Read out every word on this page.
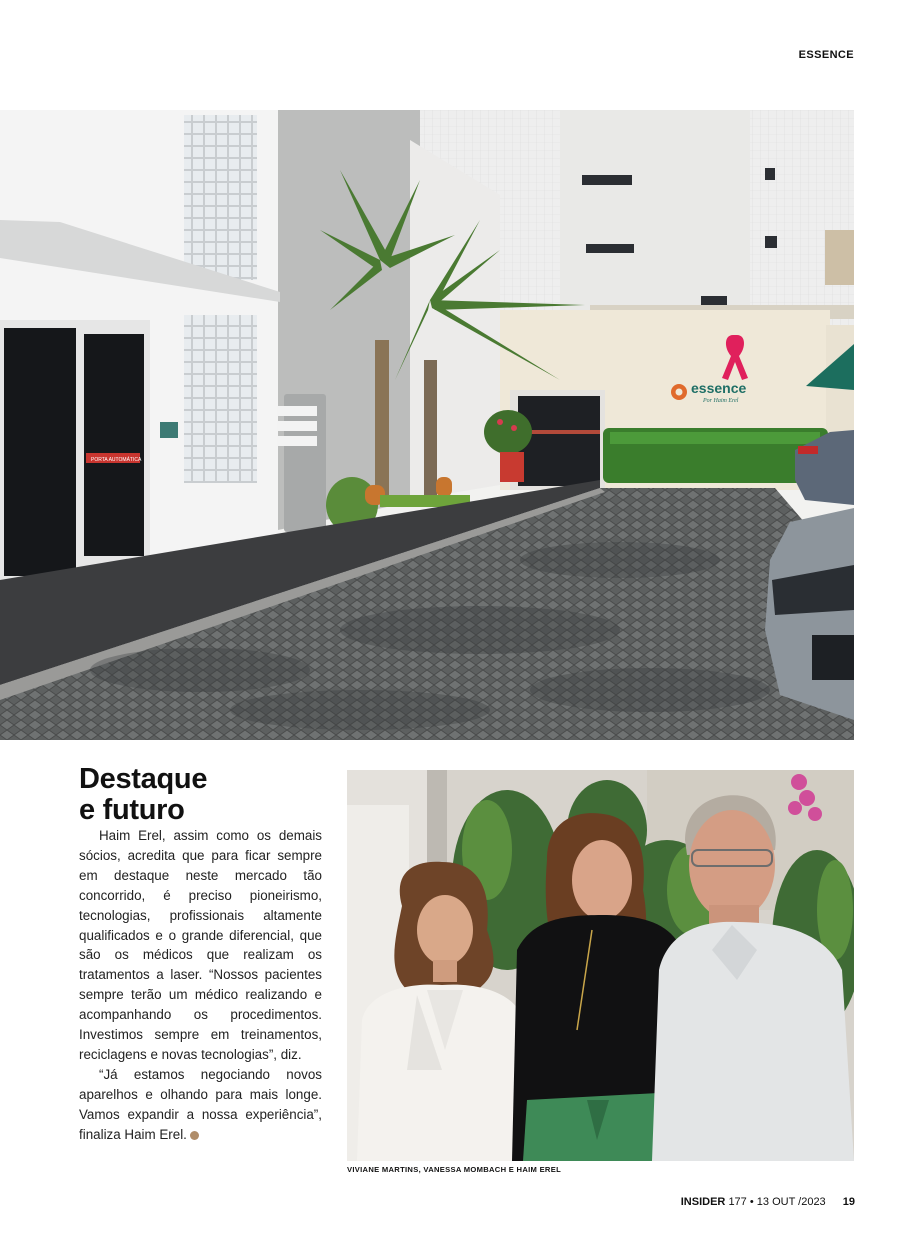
ESSENCE
PORTA AUTOMÁTICA
essence
Por Haim Erel
Destaque
e futuro

Haim Erel, assim como os demais sócios, acredita que para ficar sempre em destaque neste mercado tão concorrido, é preciso pioneirismo, tecnologias, profissionais altamente qualificados e o grande diferencial, que são os médicos que realizam os tratamentos a laser. “Nossos pacientes sempre terão um médico realizando e acompanhando os procedimentos. Investimos sempre em treinamentos, reciclagens e novas tecnologias”, diz.

“Já estamos negociando novos aparelhos e olhando para mais longe. Vamos expandir a nossa experiência”, finaliza Haim Erel.

VIVIANE MARTINS, VANESSA MOMBACH E HAIM EREL
INSIDER 177 • 13 OUT /2023 19
